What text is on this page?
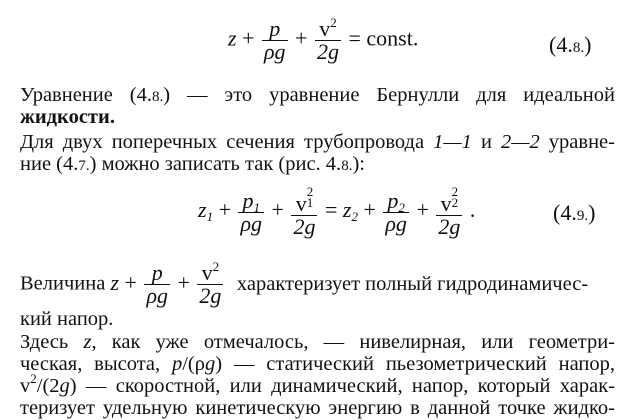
$z + \frac{p}{\rho g} + \frac{v^2}{2g}$ = const.	(4.8.)
Уравнение (4.8.) — это уравнение Бернулли для идеальной
жидкости.
Для двух поперечных сечения трубопровода 1—1 и 2—2 уравне-
ние (4.7.) можно записать так (рис. 4.8.):
$z_1 + \frac{p_1}{\rho g} + v$ 2
1
$2g = z_2 + \frac{p_2}{\rho g} + v$ 2
2
2g .	(4.9.)
Величина $z + \frac{p}{\rho g} + \frac{v^2}{2g}$ характеризует полный гидродинамичес-
кий напор.
Здесь z, как уже отмечалось, — нивелирная, или геометри-
ческая, высота, p/(ρg) — статический пьезометрический напор,
$v^2/(2g)$ — скоростной, или динамический, напор, который харак-
теризует удельную кинетическую энергию в данной точке жидко-
